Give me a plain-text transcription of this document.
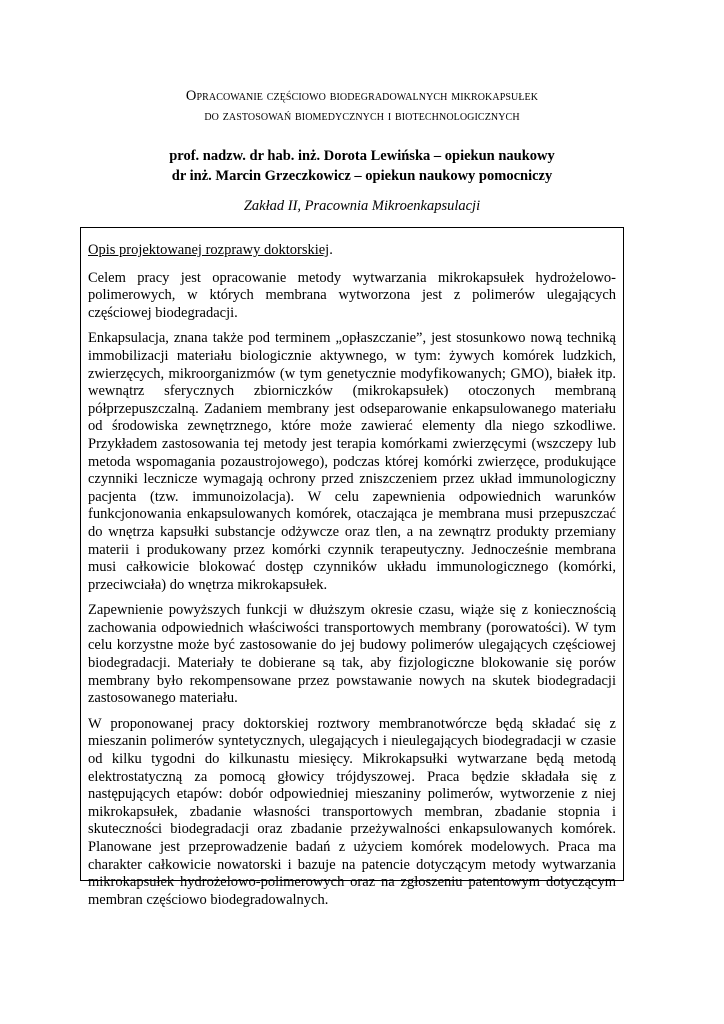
Opracowanie częściowo biodegradowalnych mikrokapsułek
do zastosowań biomedycznych i biotechnologicznych
prof. nadzw. dr hab. inż. Dorota Lewińska – opiekun naukowy
dr inż. Marcin Grzeczkowicz – opiekun naukowy pomocniczy
Zakład II, Pracownia Mikroenkapsulacji

Opis projektowanej rozprawy doktorskiej.

Celem pracy jest opracowanie metody wytwarzania mikrokapsułek hydrożelowo-polimerowych, w których membrana wytworzona jest z polimerów ulegających częściowej biodegradacji.

Enkapsulacja, znana także pod terminem „opłaszczanie”, jest stosunkowo nową techniką immobilizacji materiału biologicznie aktywnego, w tym: żywych komórek ludzkich, zwierzęcych, mikroorganizmów (w tym genetycznie modyfikowanych; GMO), białek itp. wewnątrz sferycznych zbiorniczków (mikrokapsułek) otoczonych membraną półprzepuszczalną. Zadaniem membrany jest odseparowanie enkapsulowanego materiału od środowiska zewnętrznego, które może zawierać elementy dla niego szkodliwe. Przykładem zastosowania tej metody jest terapia komórkami zwierzęcymi (wszczepy lub metoda wspomagania pozaustrojowego), podczas której komórki zwierzęce, produkujące czynniki lecznicze wymagają ochrony przed zniszczeniem przez układ immunologiczny pacjenta (tzw. immunoizolacja). W celu zapewnienia odpowiednich warunków funkcjonowania enkapsulowanych komórek, otaczająca je membrana musi przepuszczać do wnętrza kapsułki substancje odżywcze oraz tlen, a na zewnątrz produkty przemiany materii i produkowany przez komórki czynnik terapeutyczny. Jednocześnie membrana musi całkowicie blokować dostęp czynników układu immunologicznego (komórki, przeciwciała) do wnętrza mikrokapsułek.

Zapewnienie powyższych funkcji w dłuższym okresie czasu, wiąże się z koniecznością zachowania odpowiednich właściwości transportowych membrany (porowatości). W tym celu korzystne może być zastosowanie do jej budowy polimerów ulegających częściowej biodegradacji. Materiały te dobierane są tak, aby fizjologiczne blokowanie się porów membrany było rekompensowane przez powstawanie nowych na skutek biodegradacji zastosowanego materiału.

W proponowanej pracy doktorskiej roztwory membranotwórcze będą składać się z mieszanin polimerów syntetycznych, ulegających i nieulegających biodegradacji w czasie od kilku tygodni do kilkunastu miesięcy. Mikrokapsułki wytwarzane będą metodą elektrostatyczną za pomocą głowicy trójdyszowej. Praca będzie składała się z następujących etapów: dobór odpowiedniej mieszaniny polimerów, wytworzenie z niej mikrokapsułek, zbadanie własności transportowych membran, zbadanie stopnia i skuteczności biodegradacji oraz zbadanie przeżywalności enkapsulowanych komórek. Planowane jest przeprowadzenie badań z użyciem komórek modelowych. Praca ma charakter całkowicie nowatorski i bazuje na patencie dotyczącym metody wytwarzania mikrokapsułek hydrożelowo-polimerowych oraz na zgłoszeniu patentowym dotyczącym membran częściowo biodegradowalnych.
